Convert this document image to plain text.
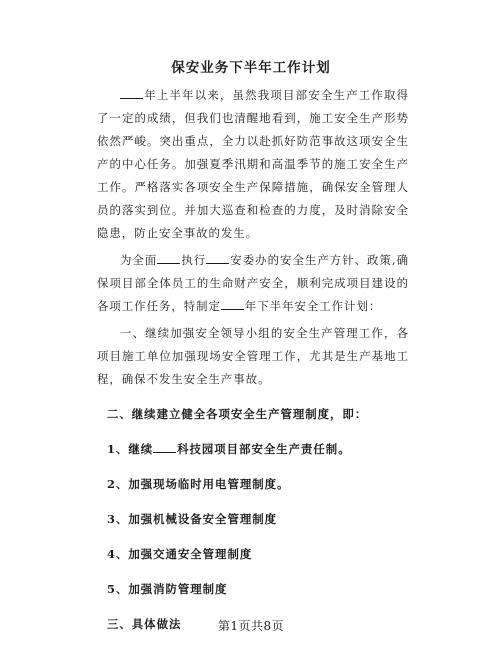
保安业务下半年工作计划

年上半年以来，虽然我项目部安全生产工作取得了一定的成绩，但我们也清醒地看到，施工安全生产形势依然严峻。突出重点，全力以赴抓好防范事故这项安全生产的中心任务。加强夏季汛期和高温季节的施工安全生产工作。严格落实各项安全生产保障措施，确保安全管理人员的落实到位。并加大巡查和检查的力度，及时消除安全隐患，防止安全事故的发生。

为全面 执行 安委办的安全生产方针、政策,确保项目部全体员工的生命财产安全，顺利完成项目建设的各项工作任务，特制定 年下半年安全工作计划：

一、继续加强安全领导小组的安全生产管理工作，各项目施工单位加强现场安全管理工作，尤其是生产基地工程，确保不发生安全生产事故。

二、继续建立健全各项安全生产管理制度，即：

1、继续 科技园项目部安全生产责任制。

2、加强现场临时用电管理制度。

3、加强机械设备安全管理制度

4、加强交通安全管理制度

5、加强消防管理制度

三、具体做法	第1页共8页
